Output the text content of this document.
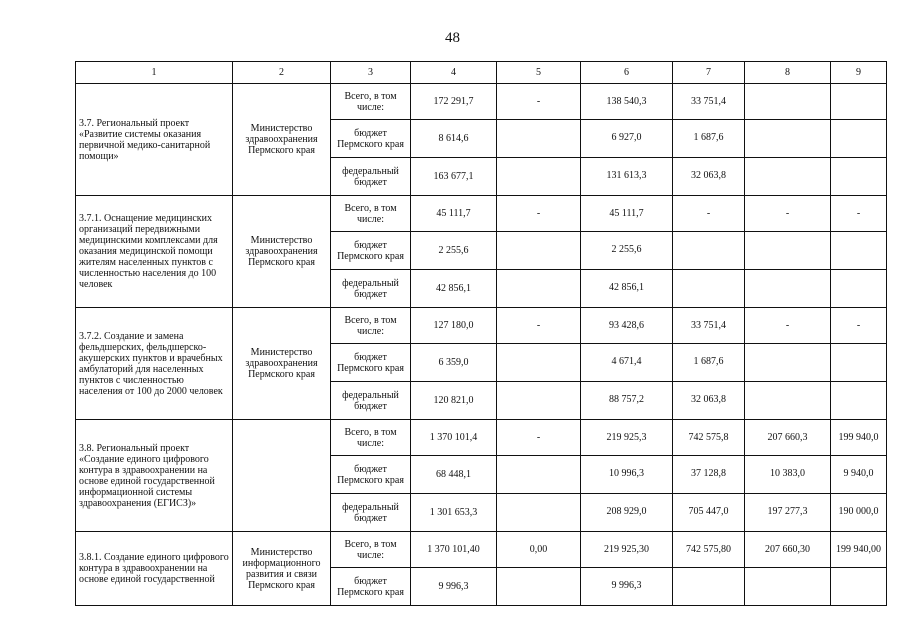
48
1	2	3	4	5	6	7	8	9
3.7. Региональный проект «Развитие системы оказания первичной медико-санитарной помощи»	Министерство здравоохранения Пермского края	Всего, в том числе:	172 291,7	-	138 540,3	33 751,4		
		бюджет Пермского края	8 614,6		6 927,0	1 687,6		
		федеральный бюджет	163 677,1		131 613,3	32 063,8		
3.7.1. Оснащение медицинских организаций передвижными медицинскими комплексами для оказания медицинской помощи жителям населенных пунктов с численностью населения до 100 человек	Министерство здравоохранения Пермского края	Всего, в том числе:	45 111,7	-	45 111,7	-	-	-
		бюджет Пермского края	2 255,6		2 255,6			
		федеральный бюджет	42 856,1		42 856,1			
3.7.2. Создание и замена фельдшерских, фельдшерско-акушерских пунктов и врачебных амбулаторий для населенных пунктов с численностью населения от 100 до 2000 человек	Министерство здравоохранения Пермского края	Всего, в том числе:	127 180,0	-	93 428,6	33 751,4	-	-
		бюджет Пермского края	6 359,0		4 671,4	1 687,6		
		федеральный бюджет	120 821,0		88 757,2	32 063,8		
3.8. Региональный проект «Создание единого цифрового контура в здравоохранении на основе единой государственной информационной системы здравоохранения (ЕГИСЗ)»		Всего, в том числе:	1 370 101,4	-	219 925,3	742 575,8	207 660,3	199 940,0
		бюджет Пермского края	68 448,1		10 996,3	37 128,8	10 383,0	9 940,0
		федеральный бюджет	1 301 653,3		208 929,0	705 447,0	197 277,3	190 000,0
3.8.1. Создание единого цифрового контура в здравоохранении на основе единой государственной	Министерство информационного развития и связи Пермского края	Всего, в том числе:	1 370 101,40	0,00	219 925,30	742 575,80	207 660,30	199 940,00
		бюджет Пермского края	9 996,3		9 996,3			
